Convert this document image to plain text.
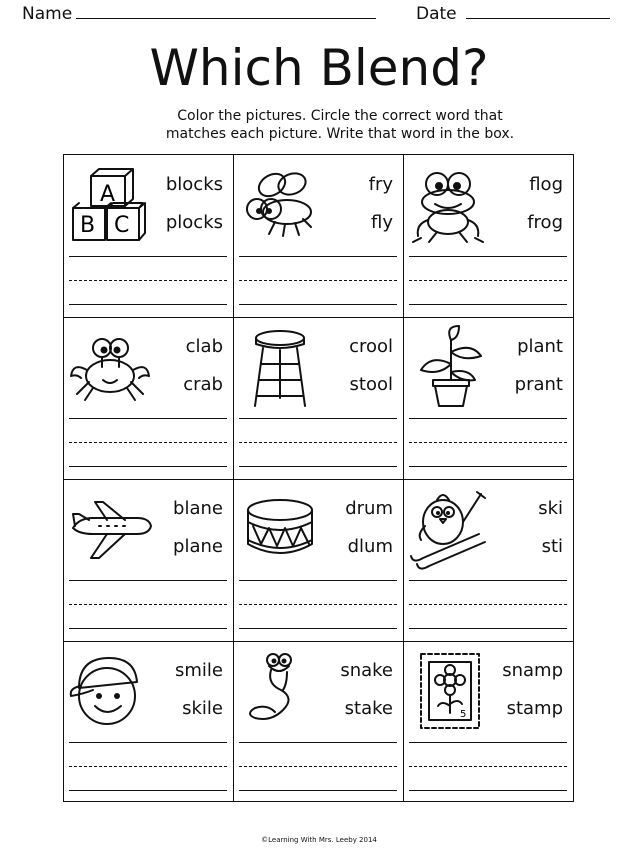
Name	Date
Which Blend?
Color the pictures. Circle the correct word that
matches each picture. Write that word in the box.
A
B C
blocks
plocks
fry
fly
flog
frog
clab
crab
crool
stool
plant
prant
blane
plane
drum
dlum
ski
sti
smile
skile
snake
stake	5
snamp
stamp
©Learning With Mrs. Leeby 2014
